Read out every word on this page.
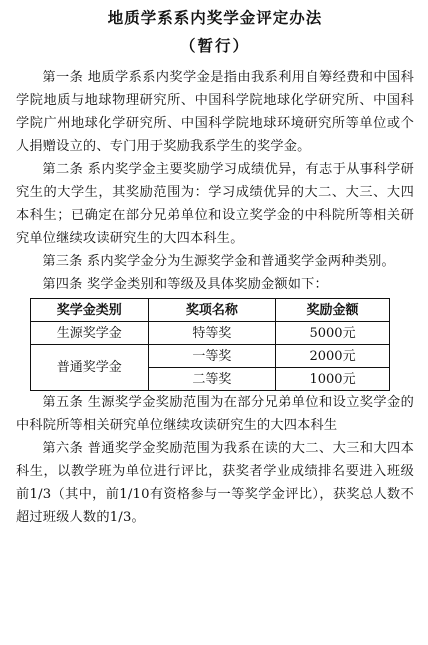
地质学系系内奖学金评定办法
（暂行）

第一条 地质学系系内奖学金是指由我系利用自筹经费和中国科学院地质与地球物理研究所、中国科学院地球化学研究所、中国科学院广州地球化学研究所、中国科学院地球环境研究所等单位或个人捐赠设立的、专门用于奖励我系学生的奖学金。

第二条 系内奖学金主要奖励学习成绩优异，有志于从事科学研究生的大学生，其奖励范围为：学习成绩优异的大二、大三、大四本科生；已确定在部分兄弟单位和设立奖学金的中科院所等相关研究单位继续攻读研究生的大四本科生。

第三条 系内奖学金分为生源奖学金和普通奖学金两种类别。

第四条 奖学金类别和等级及具体奖励金额如下：

奖学金类别	奖项名称	奖励金额
生源奖学金	特等奖	5000元
普通奖学金	一等奖	2000元
	二等奖	1000元

第五条 生源奖学金奖励范围为在部分兄弟单位和设立奖学金的中科院所等相关研究单位继续攻读研究生的大四本科生

第六条 普通奖学金奖励范围为我系在读的大二、大三和大四本科生，以教学班为单位进行评比，获奖者学业成绩排名要进入班级前1/3（其中，前1/10有资格参与一等奖学金评比），获奖总人数不超过班级人数的1/3。
